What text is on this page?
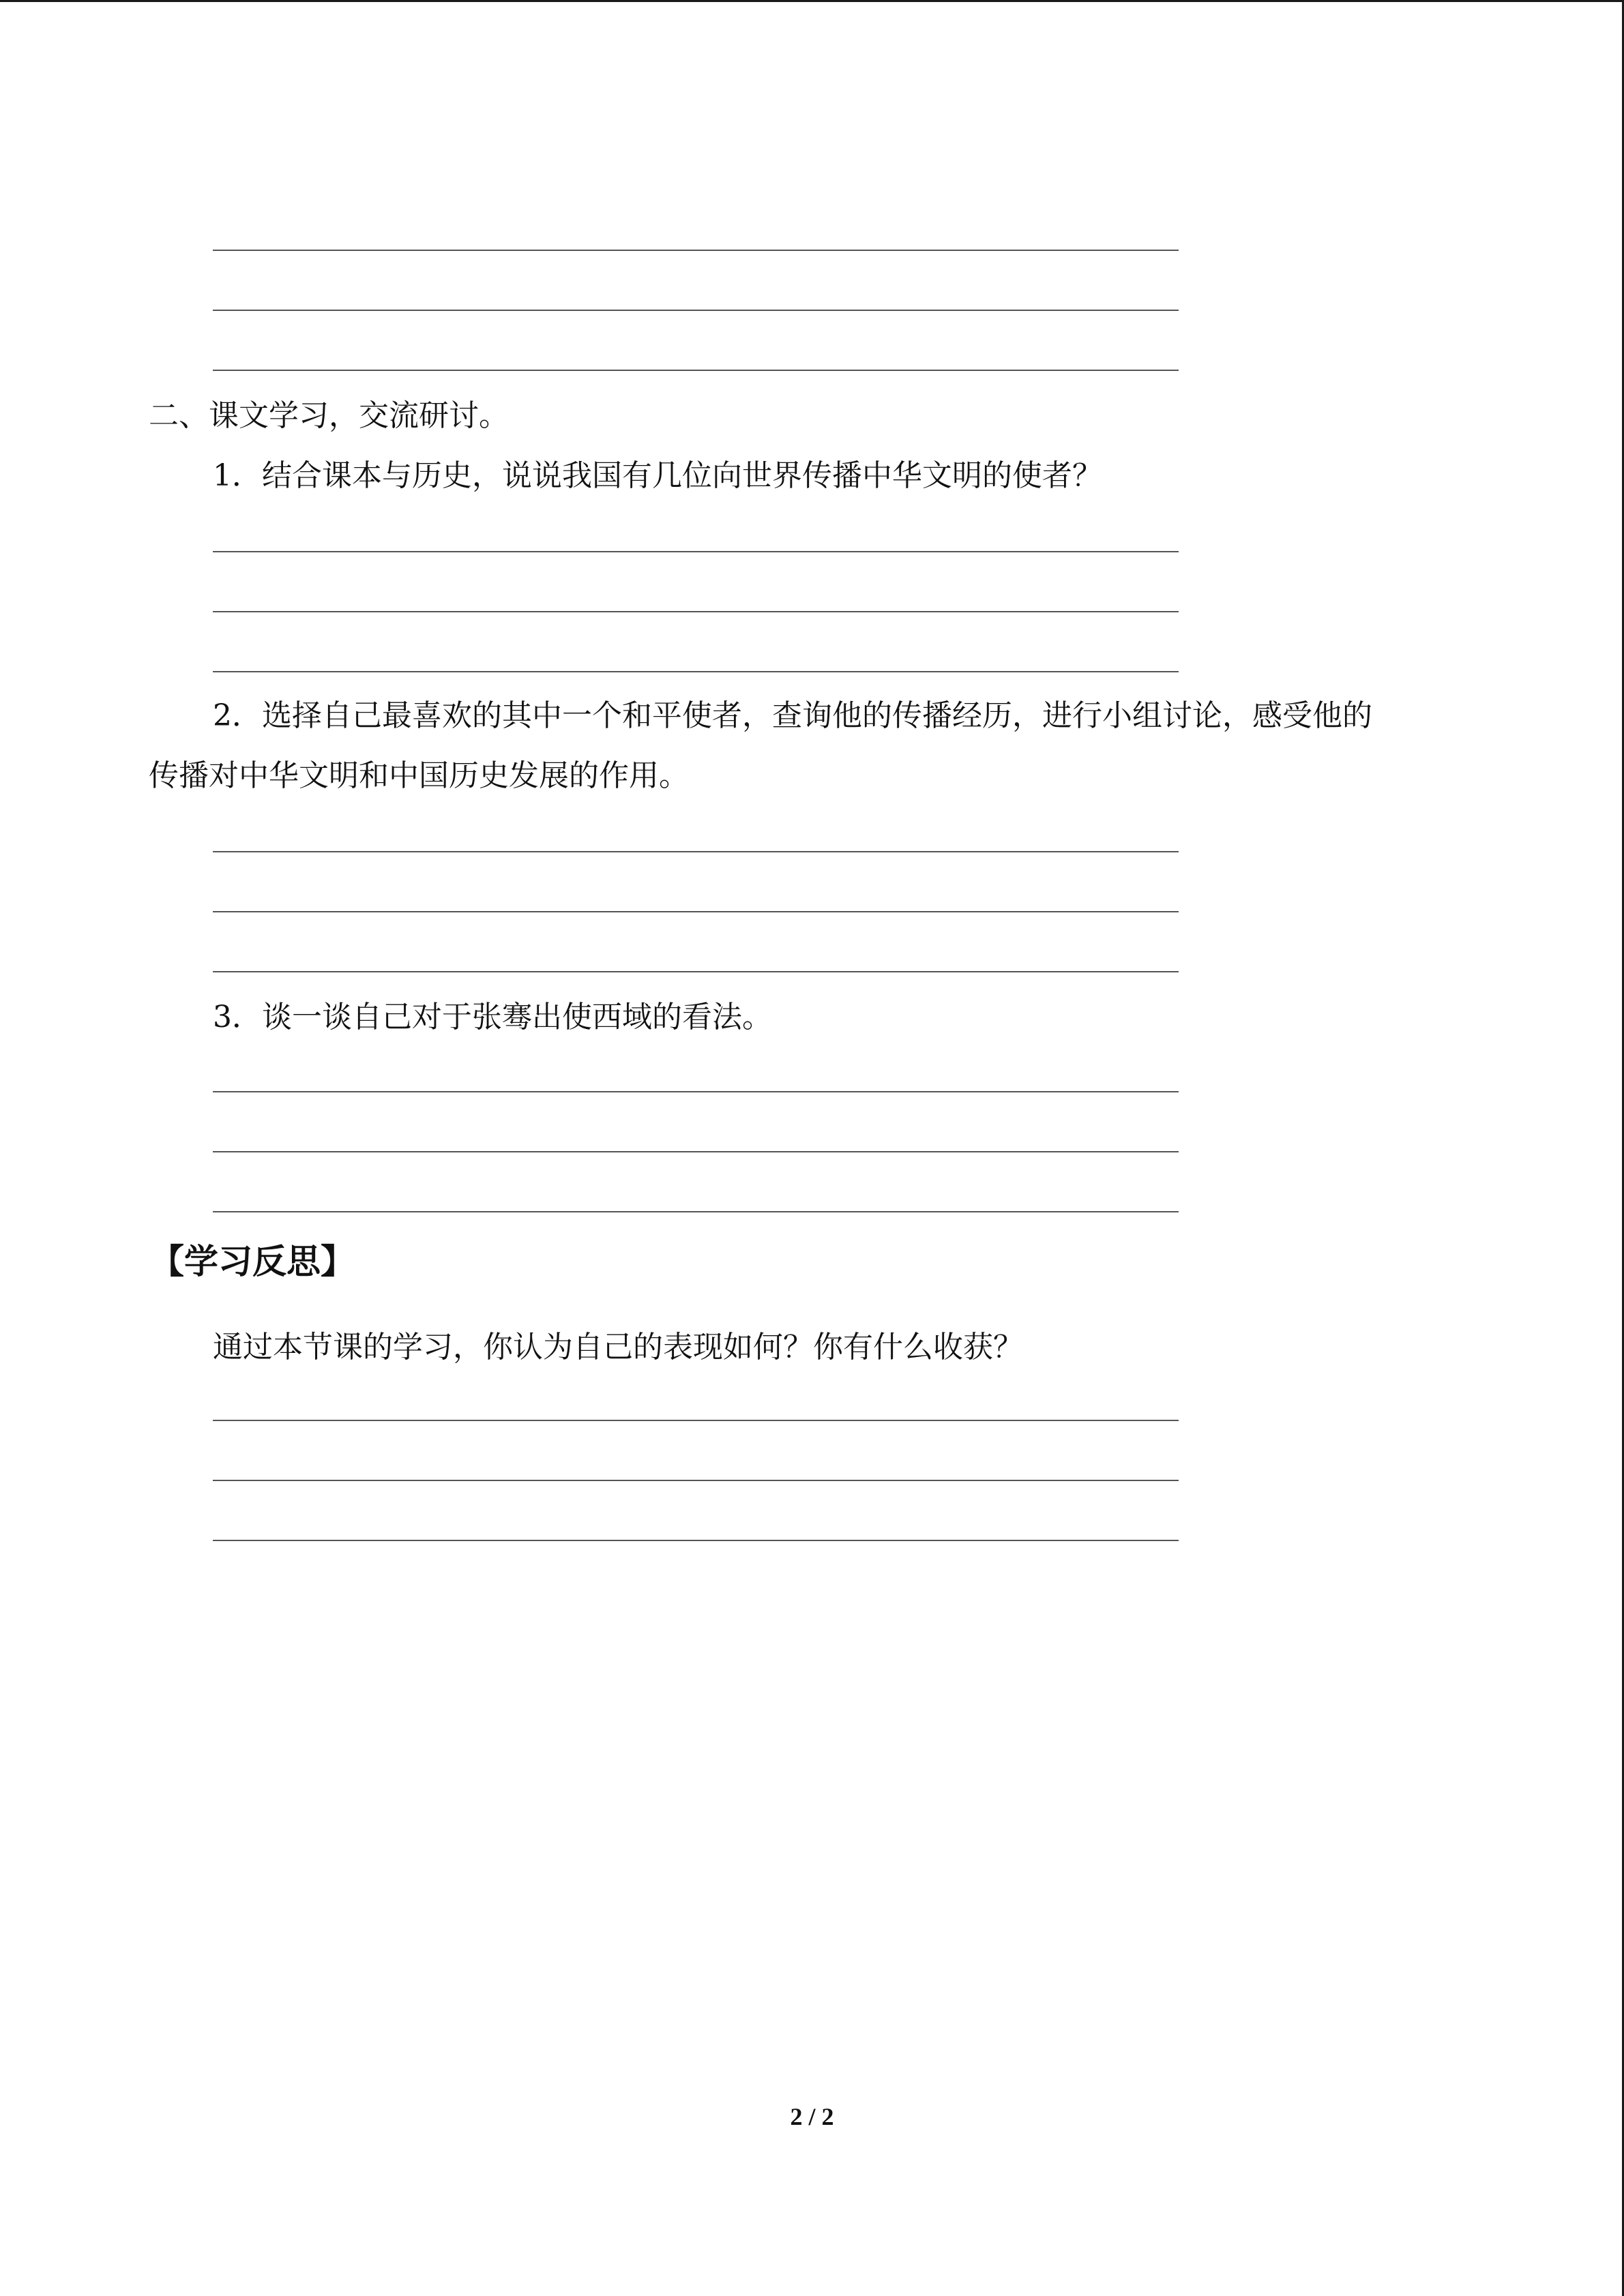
二、课文学习，交流研讨。
1．结合课本与历史，说说我国有几位向世界传播中华文明的使者？
2．选择自己最喜欢的其中一个和平使者，查询他的传播经历，进行小组讨论，感受他的
传播对中华文明和中国历史发展的作用。
3．谈一谈自己对于张骞出使西域的看法。
【学习反思】
通过本节课的学习，你认为自己的表现如何？你有什么收获？
2 / 2
